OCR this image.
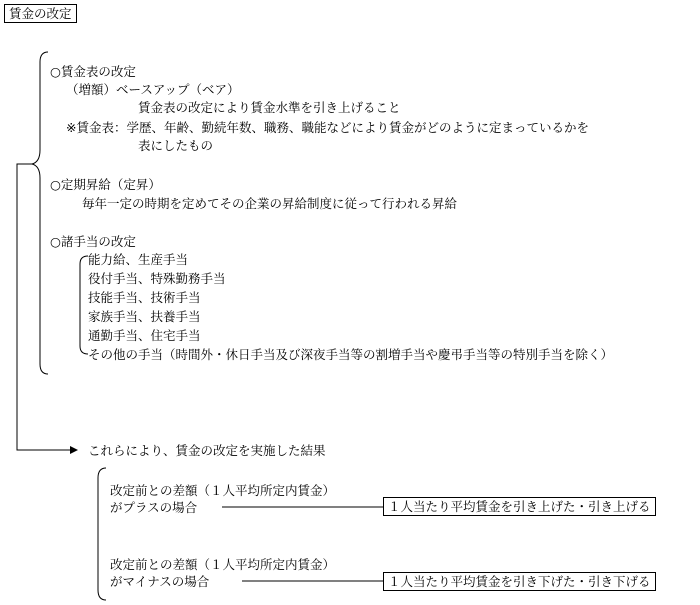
賃金の改定
○賃金表の改定
（増額）ベースアップ（ベア）
賃金表の改定により賃金水準を引き上げること
※賃金表：学歴、年齢、勤続年数、職務、職能などにより賃金がどのように定まっているかを
表にしたもの
○定期昇給（定昇）
毎年一定の時期を定めてその企業の昇給制度に従って行われる昇給
○諸手当の改定
能力給、生産手当
役付手当、特殊勤務手当
技能手当、技術手当
家族手当、扶養手当
通勤手当、住宅手当
その他の手当（時間外・休日手当及び深夜手当等の割増手当や慶弔手当等の特別手当を除く）
これらにより、賃金の改定を実施した結果
改定前との差額（１人平均所定内賃金）
がプラスの場合	１人当たり平均賃金を引き上げた・引き上げる
改定前との差額（１人平均所定内賃金）
がマイナスの場合	１人当たり平均賃金を引き下げた・引き下げる
